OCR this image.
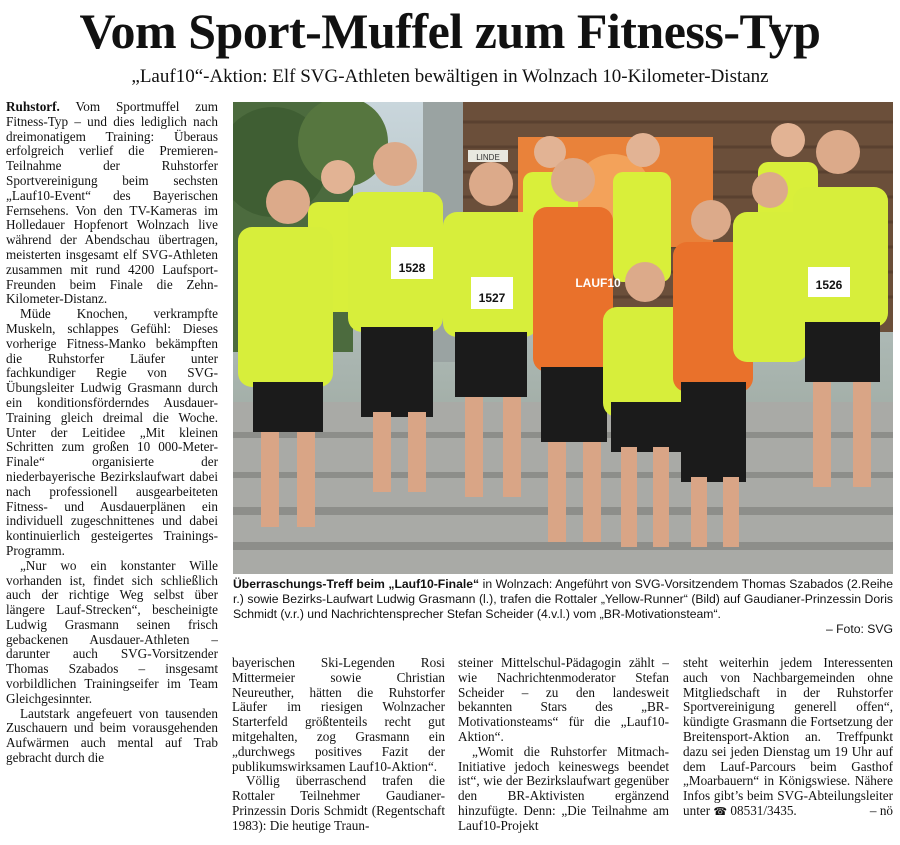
Vom Sport-Muffel zum Fitness-Typ
„Lauf10“-Aktion: Elf SVG-Athleten bewältigen in Wolnzach 10-Kilometer-Distanz

Ruhstorf. Vom Sportmuffel zum Fitness-Typ – und dies lediglich nach dreimonatigem Training: Überaus erfolgreich verlief die Premieren-Teilnahme der Ruhstorfer Sportvereinigung beim sechsten „Lauf10-Event“ des Bayerischen Fernsehens. Von den TV-Kameras im Holledauer Hopfenort Wolnzach live während der Abendschau übertragen, meisterten insgesamt elf SVG-Athleten zusammen mit rund 4200 Laufsport-Freunden beim Finale die Zehn-Kilometer-Distanz.

Müde Knochen, verkrampfte Muskeln, schlappes Gefühl: Dieses vorherige Fitness-Manko bekämpften die Ruhstorfer Läufer unter fachkundiger Regie von SVG-Übungsleiter Ludwig Grasmann durch ein konditionsförderndes Ausdauer-Training gleich dreimal die Woche. Unter der Leitidee „Mit kleinen Schritten zum großen 10 000-Meter-Finale“ organisierte der niederbayerische Bezirkslaufwart dabei nach professionell ausgearbeiteten Fitness- und Ausdauerplänen ein individuell zugeschnittenes und dabei kontinuierlich gesteigertes Trainings-Programm.

„Nur wo ein konstanter Wille vorhanden ist, findet sich schließlich auch der richtige Weg selbst über längere Lauf-Strecken“, bescheinigte Ludwig Grasmann seinen frisch gebackenen Ausdauer-Athleten – darunter auch SVG-Vorsitzender Thomas Szabados – insgesamt vorbildlichen Trainingseifer im Team Gleichgesinnter.

Lautstark angefeuert von tausenden Zuschauern und beim vorausgehenden Aufwärmen auch mental auf Trab gebracht durch die

LINDE
1528
1527
LAUF10	1526
Überraschungs-Treff beim „Lauf10-Finale“ in Wolnzach: Angeführt von SVG-Vorsitzendem Thomas Szabados (2.Reihe r.) sowie Bezirks-Laufwart Ludwig Grasmann (l.), trafen die Rottaler „Yellow-Runner“ (Bild) auf Gaudianer-Prinzessin Doris Schmidt (v.r.) und Nachrichtensprecher Stefan Scheider (4.v.l.) vom „BR-Motivationsteam“.
– Foto: SVG

bayerischen Ski-Legenden Rosi Mittermeier sowie Christian Neureuther, hätten die Ruhstorfer Läufer im riesigen Wolnzacher Starterfeld größtenteils recht gut mitgehalten, zog Grasmann ein „durchwegs positives Fazit der publikumswirksamen Lauf10-Aktion“.

Völlig überraschend trafen die Rottaler Teilnehmer Gaudianer-Prinzessin Doris Schmidt (Regentschaft 1983): Die heutige Traun-

steiner Mittelschul-Pädagogin zählt – wie Nachrichtenmoderator Stefan Scheider – zu den landesweit bekannten Stars des „BR-Motivationsteams“ für die „Lauf10-Aktion“.

„Womit die Ruhstorfer Mitmach-Initiative jedoch keineswegs beendet ist“, wie der Bezirkslaufwart gegenüber den BR-Aktivisten ergänzend hinzufügte. Denn: „Die Teilnahme am Lauf10-Projekt

steht weiterhin jedem Interessenten auch von Nachbargemeinden ohne Mitgliedschaft in der Ruhstorfer Sportvereinigung generell offen“, kündigte Grasmann die Fortsetzung der Breitensport-Aktion an. Treffpunkt dazu sei jeden Dienstag um 19 Uhr auf dem Lauf-Parcours beim Gasthof „Moarbauern“ in Königswiese. Nähere Infos gibt’s beim SVG-Abteilungsleiter unter ☎ 08531/3435.	– nö
